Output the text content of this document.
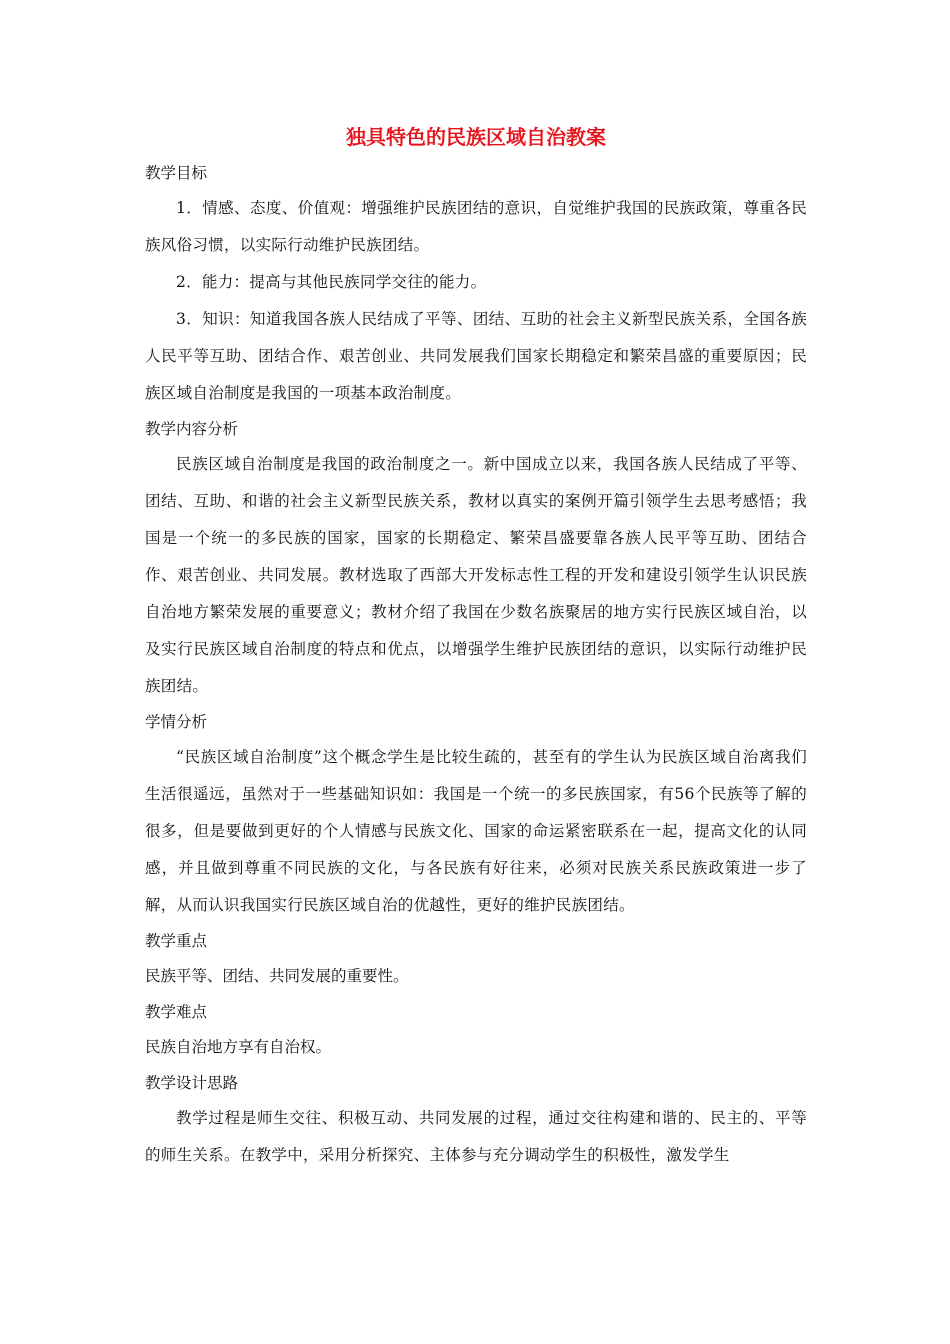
独具特色的民族区域自治教案

教学目标

1．情感、态度、价值观：增强维护民族团结的意识，自觉维护我国的民族政策，尊重各民族风俗习惯，以实际行动维护民族团结。

2．能力：提高与其他民族同学交往的能力。

3．知识：知道我国各族人民结成了平等、团结、互助的社会主义新型民族关系，全国各族人民平等互助、团结合作、艰苦创业、共同发展我们国家长期稳定和繁荣昌盛的重要原因；民族区域自治制度是我国的一项基本政治制度。

教学内容分析

民族区域自治制度是我国的政治制度之一。新中国成立以来，我国各族人民结成了平等、团结、互助、和谐的社会主义新型民族关系，教材以真实的案例开篇引领学生去思考感悟；我国是一个统一的多民族的国家，国家的长期稳定、繁荣昌盛要靠各族人民平等互助、团结合作、艰苦创业、共同发展。教材选取了西部大开发标志性工程的开发和建设引领学生认识民族自治地方繁荣发展的重要意义；教材介绍了我国在少数名族聚居的地方实行民族区域自治，以及实行民族区域自治制度的特点和优点，以增强学生维护民族团结的意识，以实际行动维护民族团结。

学情分析

“民族区域自治制度”这个概念学生是比较生疏的，甚至有的学生认为民族区域自治离我们生活很遥远，虽然对于一些基础知识如：我国是一个统一的多民族国家，有56个民族等了解的很多，但是要做到更好的个人情感与民族文化、国家的命运紧密联系在一起，提高文化的认同感，并且做到尊重不同民族的文化，与各民族有好往来，必须对民族关系民族政策进一步了解，从而认识我国实行民族区域自治的优越性，更好的维护民族团结。

教学重点

民族平等、团结、共同发展的重要性。

教学难点

民族自治地方享有自治权。

教学设计思路

教学过程是师生交往、积极互动、共同发展的过程，通过交往构建和谐的、民主的、平等的师生关系。在教学中，采用分析探究、主体参与充分调动学生的积极性，激发学生
